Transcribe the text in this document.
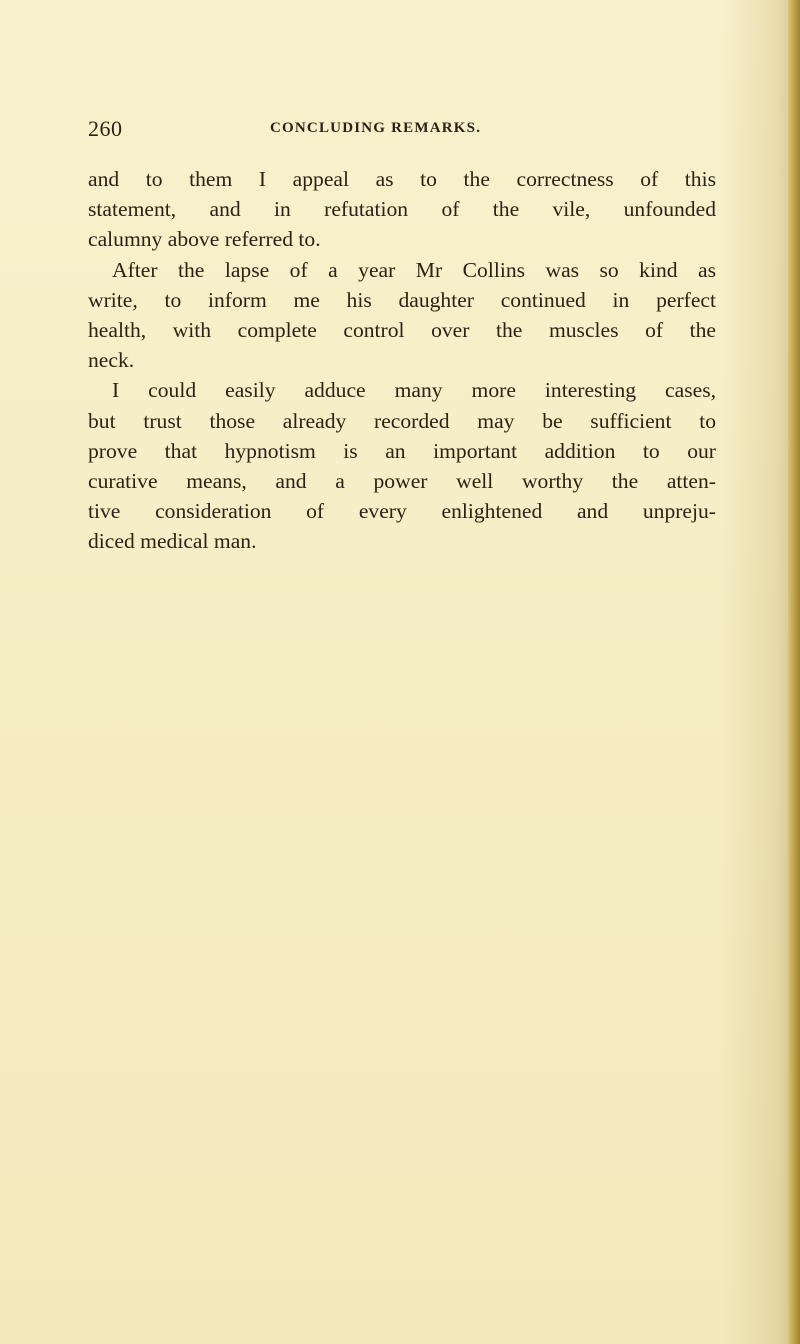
260	CONCLUDING REMARKS.
and to them I appeal as to the correctness of this
statement, and in refutation of the vile, unfounded
calumny above referred to.
After the lapse of a year Mr Collins was so kind as
write, to inform me his daughter continued in perfect
health, with complete control over the muscles of the
neck.
I could easily adduce many more interesting cases,
but trust those already recorded may be sufficient to
prove that hypnotism is an important addition to our
curative means, and a power well worthy the atten-
tive consideration of every enlightened and unpreju-
diced medical man.
